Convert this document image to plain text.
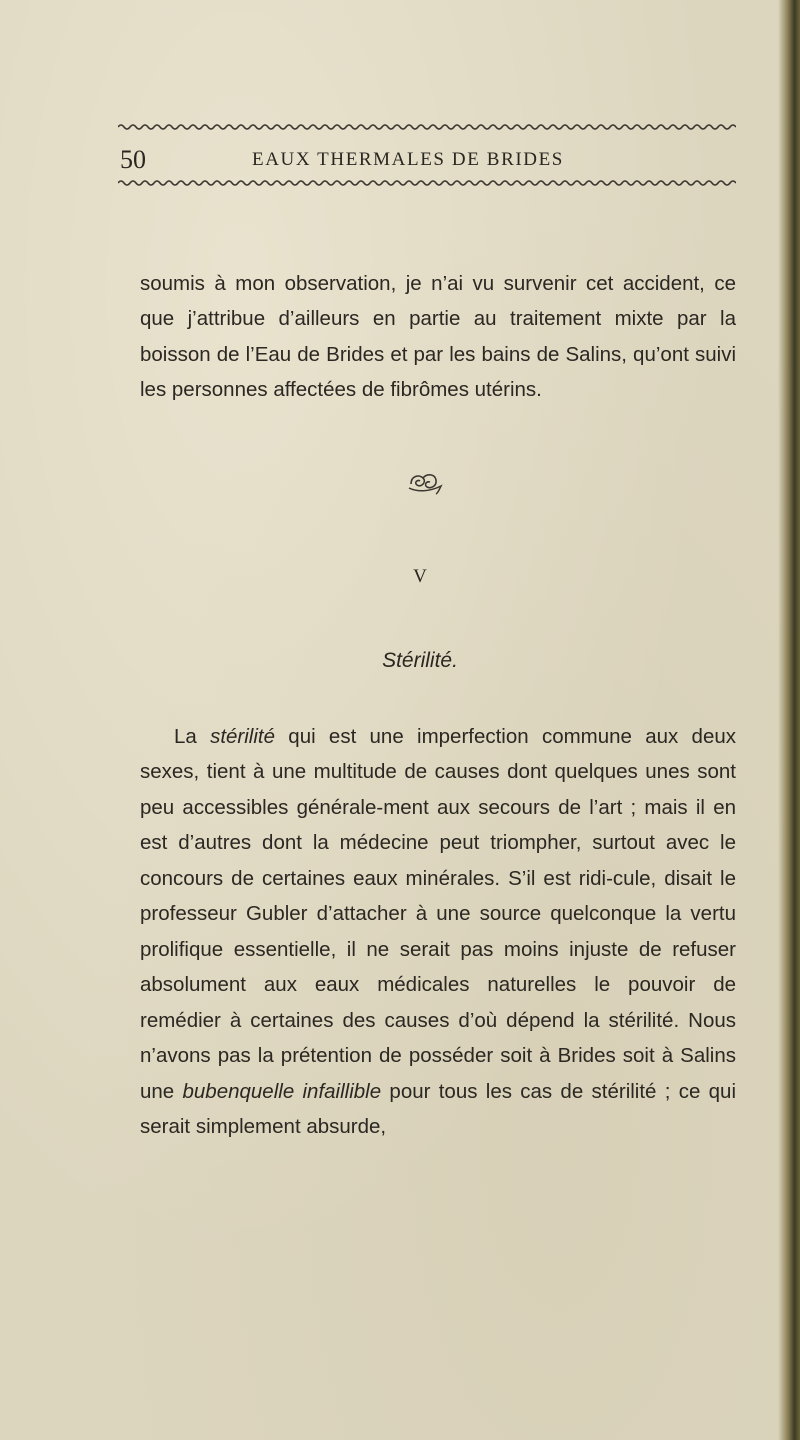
50	EAUX THERMALES DE BRIDES

soumis à mon observation, je n’ai vu survenir cet accident, ce que j’attribue d’ailleurs en partie au traitement mixte par la boisson de l’Eau de Brides et par les bains de Salins, qu’ont suivi les personnes affectées de fibrômes utérins.

V
Stérilité.

La stérilité qui est une imperfection commune aux deux sexes, tient à une multitude de causes dont quelques unes sont peu accessibles générale-ment aux secours de l’art ; mais il en est d’autres dont la médecine peut triompher, surtout avec le concours de certaines eaux minérales. S’il est ridi-cule, disait le professeur Gubler d’attacher à une source quelconque la vertu prolifique essentielle, il ne serait pas moins injuste de refuser absolument aux eaux médicales naturelles le pouvoir de remédier à certaines des causes d’où dépend la stérilité. Nous n’avons pas la prétention de posséder soit à Brides soit à Salins une bubenquelle infaillible pour tous les cas de stérilité ; ce qui serait simplement absurde,
